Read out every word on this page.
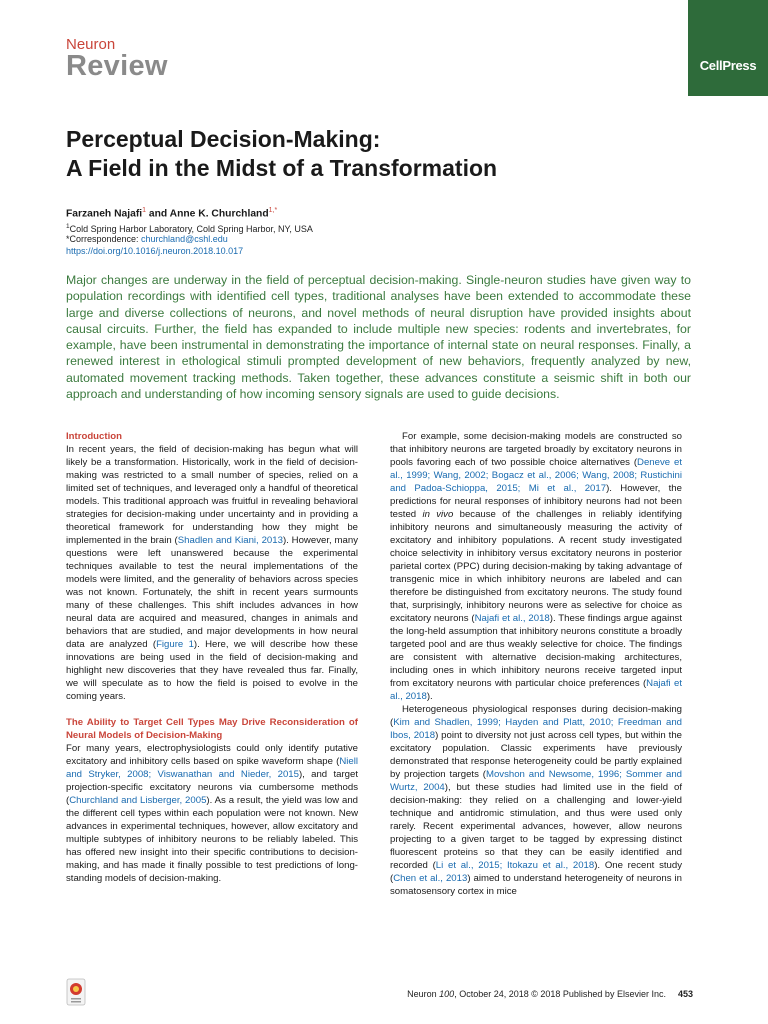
Neuron
Review	CellPress
Perceptual Decision-Making:
A Field in the Midst of a Transformation
Farzaneh Najafi$^1$ and Anne K. Churchland$^{1,*}$
$^1$Cold Spring Harbor Laboratory, Cold Spring Harbor, NY, USA
*Correspondence: churchland@cshl.edu
https://doi.org/10.1016/j.neuron.2018.10.017
Major changes are underway in the field of perceptual decision-making. Single-neuron studies have given way to population recordings with identified cell types, traditional analyses have been extended to accommodate these large and diverse collections of neurons, and novel methods of neural disruption have provided insights about causal circuits. Further, the field has expanded to include multiple new species: rodents and invertebrates, for example, have been instrumental in demonstrating the importance of internal state on neural responses. Finally, a renewed interest in ethological stimuli prompted development of new behaviors, frequently analyzed by new, automated movement tracking methods. Taken together, these advances constitute a seismic shift in both our approach and understanding of how incoming sensory signals are used to guide decisions.
Introduction

In recent years, the field of decision-making has begun what will likely be a transformation. Historically, work in the field of decision-making was restricted to a small number of species, relied on a limited set of techniques, and leveraged only a handful of theoretical models. This traditional approach was fruitful in revealing behavioral strategies for decision-making under uncertainty and in providing a theoretical framework for understanding how they might be implemented in the brain (Shadlen and Kiani, 2013). However, many questions were left unanswered because the experimental techniques available to test the neural implementations of the models were limited, and the generality of behaviors across species was not known. Fortunately, the shift in recent years surmounts many of these challenges. This shift includes advances in how neural data are acquired and measured, changes in animals and behaviors that are studied, and major developments in how neural data are analyzed (Figure 1). Here, we will describe how these innovations are being used in the field of decision-making and highlight new discoveries that they have revealed thus far. Finally, we will speculate as to how the field is poised to evolve in the coming years.

The Ability to Target Cell Types May Drive Reconsideration of Neural Models of Decision-Making

For many years, electrophysiologists could only identify putative excitatory and inhibitory cells based on spike waveform shape (Niell and Stryker, 2008; Viswanathan and Nieder, 2015), and target projection-specific excitatory neurons via cumbersome methods (Churchland and Lisberger, 2005). As a result, the yield was low and the different cell types within each population were not known. New advances in experimental techniques, however, allow excitatory and multiple subtypes of inhibitory neurons to be reliably labeled. This has offered new insight into their specific contributions to decision-making, and has made it finally possible to test predictions of long-standing models of decision-making.

For example, some decision-making models are constructed so that inhibitory neurons are targeted broadly by excitatory neurons in pools favoring each of two possible choice alternatives (Deneve et al., 1999; Wang, 2002; Bogacz et al., 2006; Wang, 2008; Rustichini and Padoa-Schioppa, 2015; Mi et al., 2017). However, the predictions for neural responses of inhibitory neurons had not been tested in vivo because of the challenges in reliably identifying inhibitory neurons and simultaneously measuring the activity of excitatory and inhibitory populations. A recent study investigated choice selectivity in inhibitory versus excitatory neurons in posterior parietal cortex (PPC) during decision-making by taking advantage of transgenic mice in which inhibitory neurons are labeled and can therefore be distinguished from excitatory neurons. The study found that, surprisingly, inhibitory neurons were as selective for choice as excitatory neurons (Najafi et al., 2018). These findings argue against the long-held assumption that inhibitory neurons constitute a broadly targeted pool and are thus weakly selective for choice. The findings are consistent with alternative decision-making architectures, including ones in which inhibitory neurons receive targeted input from excitatory neurons with particular choice preferences (Najafi et al., 2018).

Heterogeneous physiological responses during decision-making (Kim and Shadlen, 1999; Hayden and Platt, 2010; Freedman and Ibos, 2018) point to diversity not just across cell types, but within the excitatory population. Classic experiments have previously demonstrated that response heterogeneity could be partly explained by projection targets (Movshon and Newsome, 1996; Sommer and Wurtz, 2004), but these studies had limited use in the field of decision-making: they relied on a challenging and lower-yield technique and antidromic stimulation, and thus were used only rarely. Recent experimental advances, however, allow neurons projecting to a given target to be tagged by expressing distinct fluorescent proteins so that they can be easily identified and recorded (Li et al., 2015; Itokazu et al., 2018). One recent study (Chen et al., 2013) aimed to understand heterogeneity of neurons in somatosensory cortex in mice

Neuron 100, October 24, 2018 © 2018 Published by Elsevier Inc. 453
